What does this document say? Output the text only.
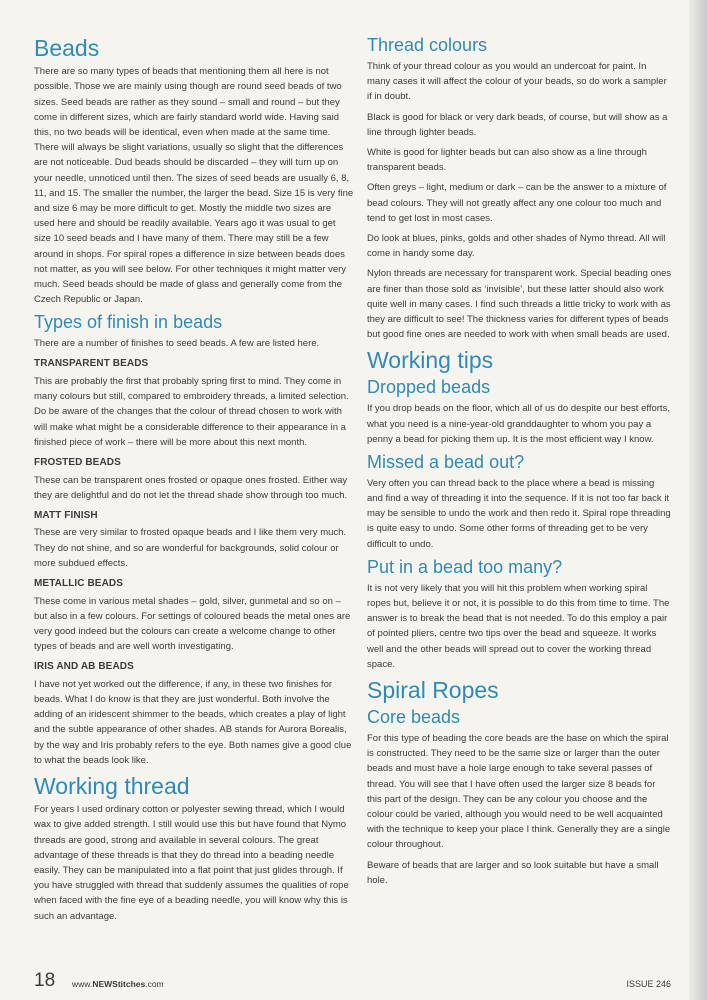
Beads

There are so many types of beads that mentioning them all here is not possible. Those we are mainly using though are round seed beads of two sizes. Seed beads are rather as they sound – small and round – but they come in different sizes, which are fairly standard world wide. Having said this, no two beads will be identical, even when made at the same time. There will always be slight variations, usually so slight that the differences are not noticeable. Dud beads should be discarded – they will turn up on your needle, unnoticed until then. The sizes of seed beads are usually 6, 8, 11, and 15. The smaller the number, the larger the bead. Size 15 is very fine and size 6 may be more difficult to get. Mostly the middle two sizes are used here and should be readily available. Years ago it was usual to get size 10 seed beads and I have many of them. There may still be a few around in shops. For spiral ropes a difference in size between beads does not matter, as you will see below. For other techniques it might matter very much. Seed beads should be made of glass and generally come from the Czech Republic or Japan.

Types of finish in beads

There are a number of finishes to seed beads. A few are listed here.

TRANSPARENT BEADS

This are probably the first that probably spring first to mind. They come in many colours but still, compared to embroidery threads, a limited selection. Do be aware of the changes that the colour of thread chosen to work with will make what might be a considerable difference to their appearance in a finished piece of work – there will be more about this next month.

FROSTED BEADS

These can be transparent ones frosted or opaque ones frosted. Either way they are delightful and do not let the thread shade show through too much.

MATT FINISH

These are very similar to frosted opaque beads and I like them very much. They do not shine, and so are wonderful for backgrounds, solid colour or more subdued effects.

METALLIC BEADS

These come in various metal shades – gold, silver, gunmetal and so on – but also in a few colours. For settings of coloured beads the metal ones are very good indeed but the colours can create a welcome change to other types of beads and are well worth investigating.

IRIS AND AB BEADS

I have not yet worked out the difference, if any, in these two finishes for beads. What I do know is that they are just wonderful. Both involve the adding of an iridescent shimmer to the beads, which creates a play of light and the subtle appearance of other shades. AB stands for Aurora Borealis, by the way and Iris probably refers to the eye. Both names give a good clue to what the beads look like.

Working thread

For years I used ordinary cotton or polyester sewing thread, which I would wax to give added strength. I still would use this but have found that Nymo threads are good, strong and available in several colours. The great advantage of these threads is that they do thread into a beading needle easily. They can be manipulated into a flat point that just glides through. If you have struggled with thread that suddenly assumes the qualities of rope when faced with the fine eye of a beading needle, you will know why this is such an advantage.

Thread colours

Think of your thread colour as you would an undercoat for paint. In many cases it will affect the colour of your beads, so do work a sampler if in doubt.

Black is good for black or very dark beads, of course, but will show as a line through lighter beads.

White is good for lighter beads but can also show as a line through transparent beads.

Often greys – light, medium or dark – can be the answer to a mixture of bead colours. They will not greatly affect any one colour too much and tend to get lost in most cases.

Do look at blues, pinks, golds and other shades of Nymo thread. All will come in handy some day.

Nylon threads are necessary for transparent work. Special beading ones are finer than those sold as ‘invisible’, but these latter should also work quite well in many cases. I find such threads a little tricky to work with as they are difficult to see! The thickness varies for different types of beads but good fine ones are needed to work with when small beads are used.

Working tips
Dropped beads

If you drop beads on the floor, which all of us do despite our best efforts, what you need is a nine-year-old granddaughter to whom you pay a penny a bead for picking them up. It is the most efficient way I know.

Missed a bead out?

Very often you can thread back to the place where a bead is missing and find a way of threading it into the sequence. If it is not too far back it may be sensible to undo the work and then redo it. Spiral rope threading is quite easy to undo. Some other forms of threading get to be very difficult to undo.

Put in a bead too many?

It is not very likely that you will hit this problem when working spiral ropes but, believe it or not, it is possible to do this from time to time. The answer is to break the bead that is not needed. To do this employ a pair of pointed pliers, centre two tips over the bead and squeeze. It works well and the other beads will spread out to cover the working thread space.

Spiral Ropes
Core beads

For this type of beading the core beads are the base on which the spiral is constructed. They need to be the same size or larger than the outer beads and must have a hole large enough to take several passes of thread. You will see that I have often used the larger size 8 beads for this part of the design. They can be any colour you choose and the colour could be varied, although you would need to be well acquainted with the technique to keep your place I think. Generally they are a single colour throughout.

Beware of beads that are larger and so look suitable but have a small hole.

18 www.NEWStitches.com	ISSUE 246
